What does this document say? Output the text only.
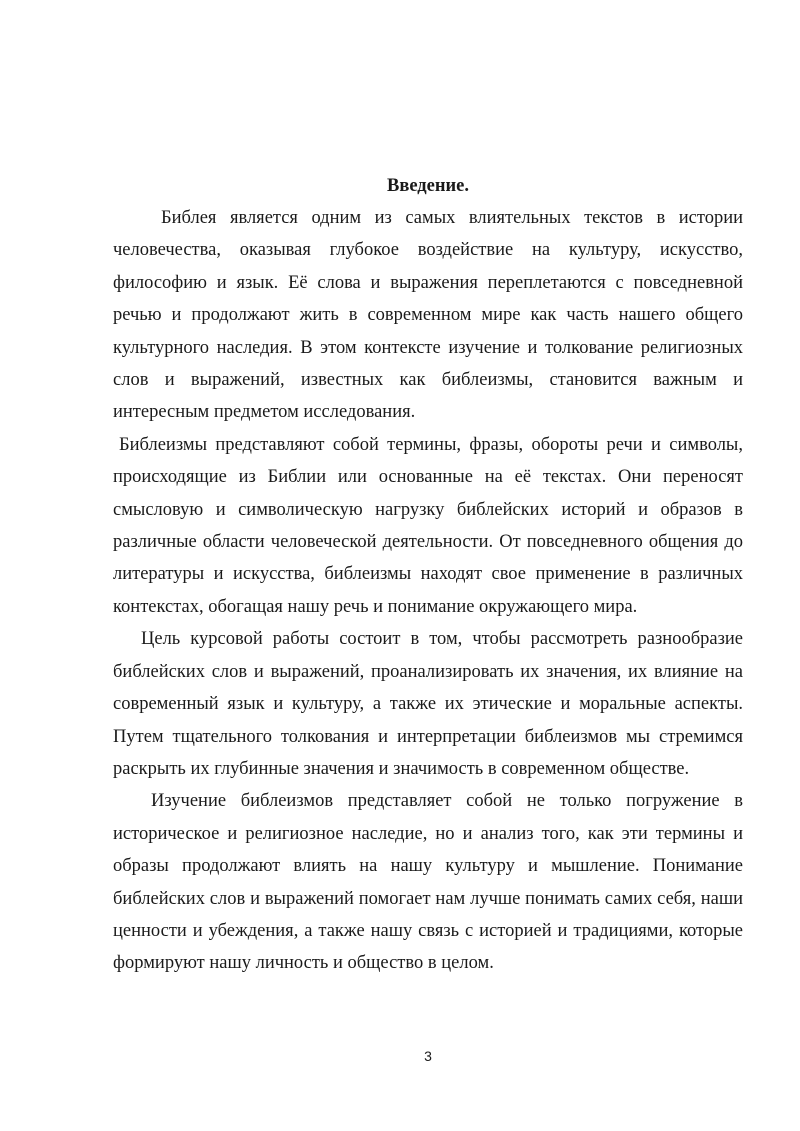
Введение.

Библея является одним из самых влиятельных текстов в истории человечества, оказывая глубокое воздействие на культуру, искусство, философию и язык. Её слова и выражения переплетаются с повседневной речью и продолжают жить в современном мире как часть нашего общего культурного наследия. В этом контексте изучение и толкование религиозных слов и выражений, известных как библеизмы, становится важным и интересным предметом исследования.

Библеизмы представляют собой термины, фразы, обороты речи и символы, происходящие из Библии или основанные на её текстах. Они переносят смысловую и символическую нагрузку библейских историй и образов в различные области человеческой деятельности. От повседневного общения до литературы и искусства, библеизмы находят свое применение в различных контекстах, обогащая нашу речь и понимание окружающего мира.

Цель курсовой работы состоит в том, чтобы рассмотреть разнообразие библейских слов и выражений, проанализировать их значения, их влияние на современный язык и культуру, а также их этические и моральные аспекты. Путем тщательного толкования и интерпретации библеизмов мы стремимся раскрыть их глубинные значения и значимость в современном обществе.

Изучение библеизмов представляет собой не только погружение в историческое и религиозное наследие, но и анализ того, как эти термины и образы продолжают влиять на нашу культуру и мышление. Понимание библейских слов и выражений помогает нам лучше понимать самих себя, наши ценности и убеждения, а также нашу связь с историей и традициями, которые формируют нашу личность и общество в целом.

3
